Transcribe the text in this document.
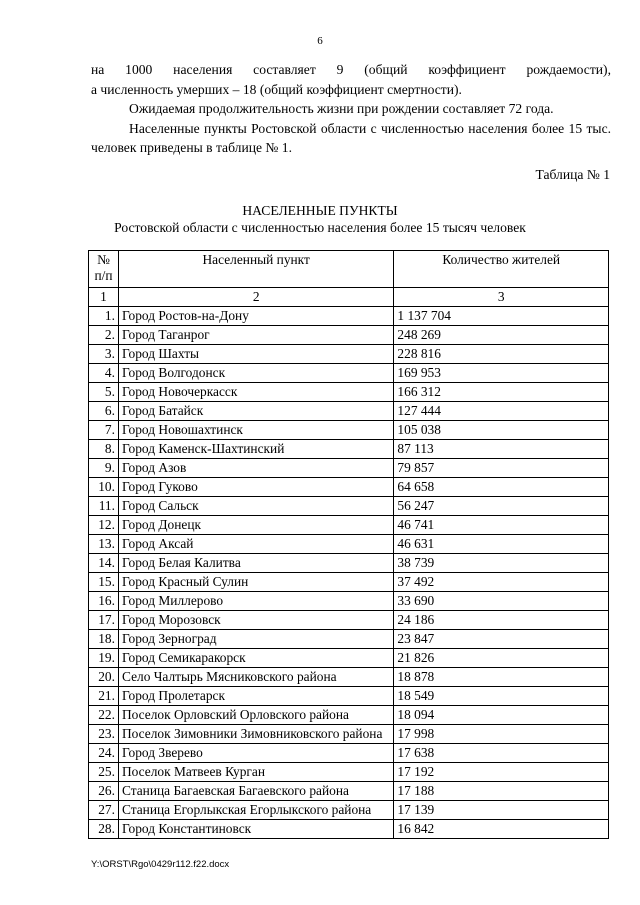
6

на 1000 населения составляет 9 (общий коэффициент рождаемости),

а численность умерших – 18 (общий коэффициент смертности).

Ожидаемая продолжительность жизни при рождении составляет 72 года.

Населенные пункты Ростовской области с численностью населения более 15 тыс. человек приведены в таблице № 1.

Таблица № 1
НАСЕЛЕННЫЕ ПУНКТЫ
Ростовской области с численностью населения более 15 тысяч человек
№ п/п	Населенный пункт	Количество жителей
1	2	3
1.	Город Ростов-на-Дону	1 137 704
2.	Город Таганрог	248 269
3.	Город Шахты	228 816
4.	Город Волгодонск	169 953
5.	Город Новочеркасск	166 312
6.	Город Батайск	127 444
7.	Город Новошахтинск	105 038
8.	Город Каменск-Шахтинский	87 113
9.	Город Азов	79 857
10.	Город Гуково	64 658
11.	Город Сальск	56 247
12.	Город Донецк	46 741
13.	Город Аксай	46 631
14.	Город Белая Калитва	38 739
15.	Город Красный Сулин	37 492
16.	Город Миллерово	33 690
17.	Город Морозовск	24 186
18.	Город Зерноград	23 847
19.	Город Семикаракорск	21 826
20.	Село Чалтырь Мясниковского района	18 878
21.	Город Пролетарск	18 549
22.	Поселок Орловский Орловского района	18 094
23.	Поселок Зимовники Зимовниковского района	17 998
24.	Город Зверево	17 638
25.	Поселок Матвеев Курган	17 192
26.	Станица Багаевская Багаевского района	17 188
27.	Станица Егорлыкская Егорлыкского района	17 139
28.	Город Константиновск	16 842
Y:\ORST\Rgo\0429r112.f22.docx
